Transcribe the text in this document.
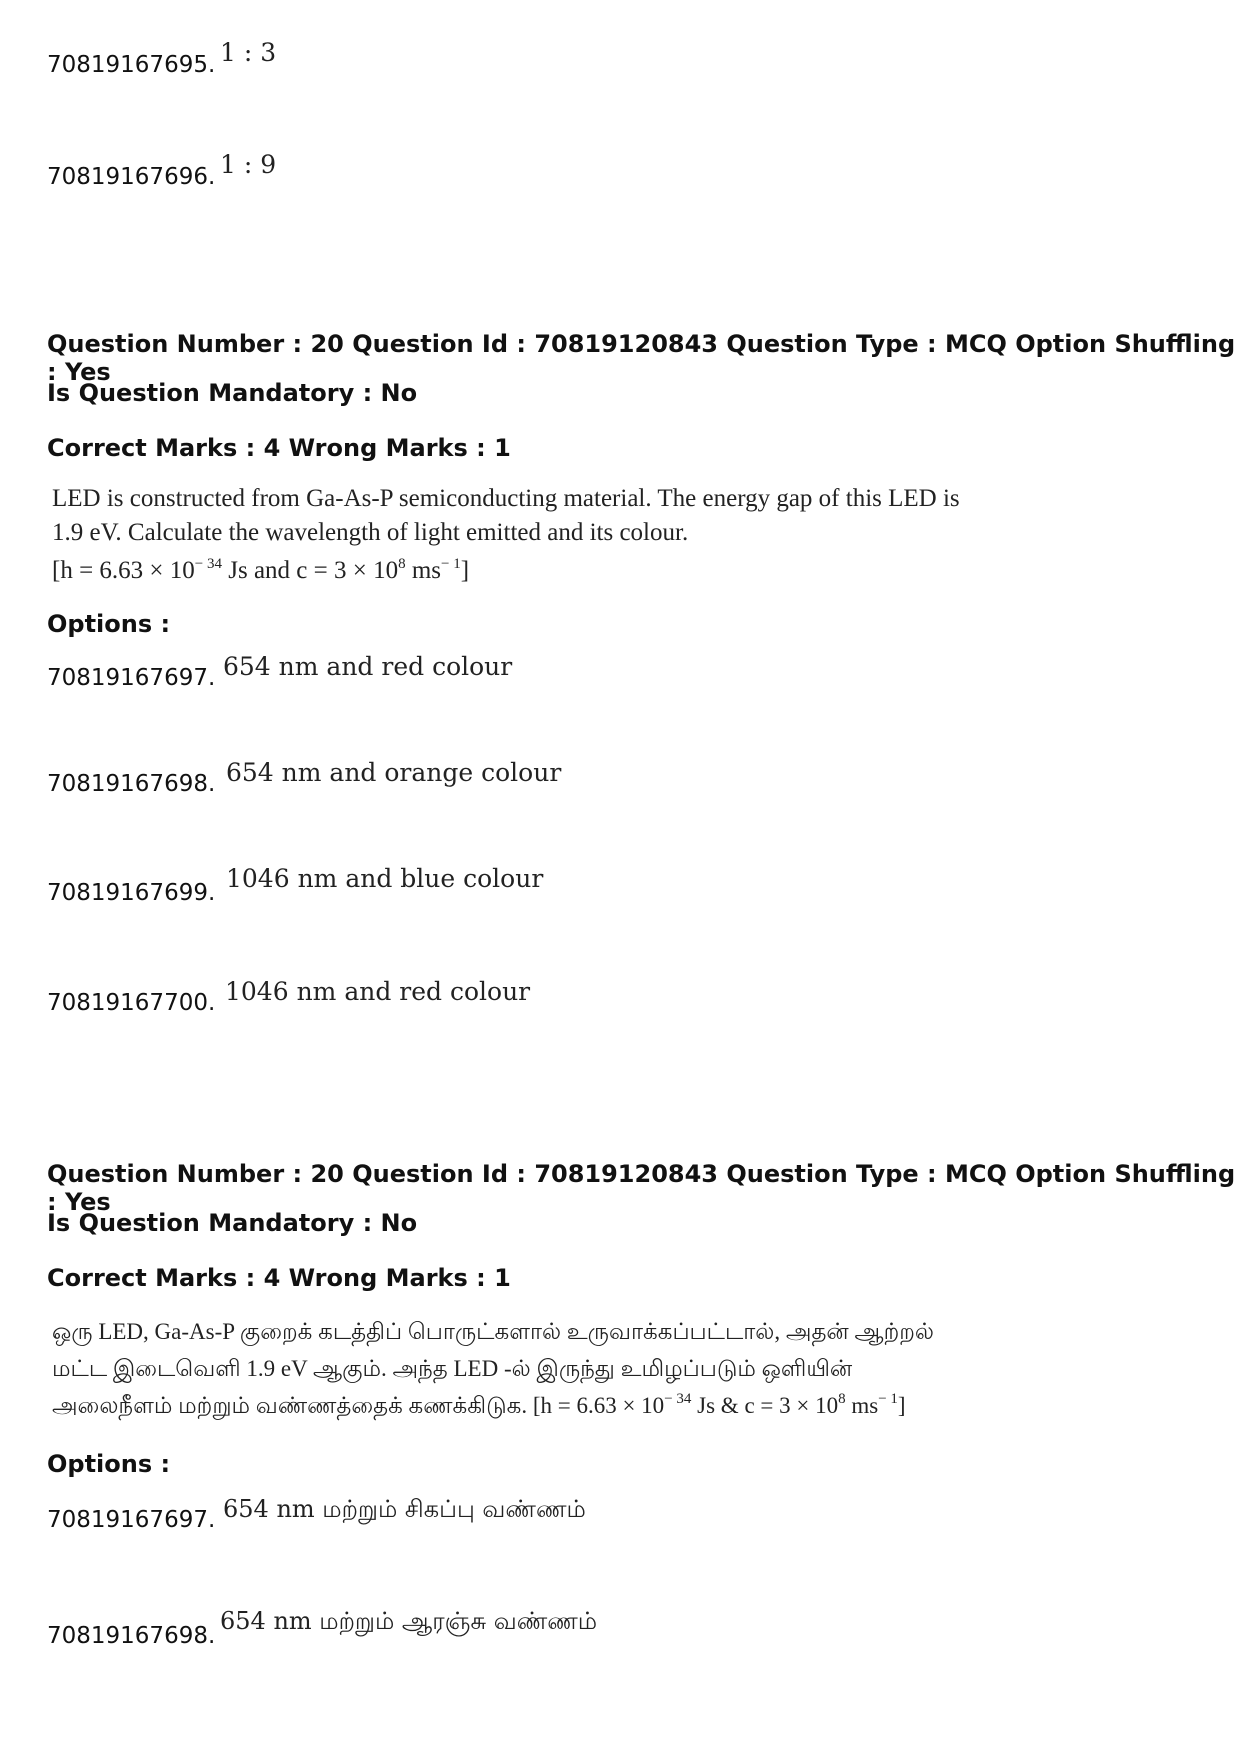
70819167695. 1 : 3
70819167696. 1 : 9
Question Number : 20 Question Id : 70819120843 Question Type : MCQ Option Shuffling : Yes
Is Question Mandatory : No
Correct Marks : 4 Wrong Marks : 1
LED is constructed from Ga-As-P semiconducting material. The energy gap of this LED is
1.9 eV. Calculate the wavelength of light emitted and its colour.
[$h = 6.63 \times 10^{- 34}$ Js and $c = 3 \times 10^8$ $ms^{- 1}$]
Options :
70819167697. 654 nm and red colour
70819167698. 654 nm and orange colour
70819167699. 1046 nm and blue colour
70819167700. 1046 nm and red colour
Question Number : 20 Question Id : 70819120843 Question Type : MCQ Option Shuffling : Yes
Is Question Mandatory : No
Correct Marks : 4 Wrong Marks : 1
ஒரு LED, Ga-As-P குறைக் கடத்திப் பொருட்களால் உருவாக்கப்பட்டால், அதன் ஆற்றல்
மட்ட இடைவெளி 1.9 eV ஆகும். அந்த LED -ல் இருந்து உமிழப்படும் ஒளியின்
அலைநீளம் மற்றும் வண்ணத்தைக் கணக்கிடுக. [$h = 6.63 \times 10^{- 34}$ Js & $c = 3 \times 10^8$ $ms^{- 1}$]
Options :
70819167697. 654 nm மற்றும் சிகப்பு வண்ணம்
70819167698.
654 nm மற்றும் ஆரஞ்சு வண்ணம்
